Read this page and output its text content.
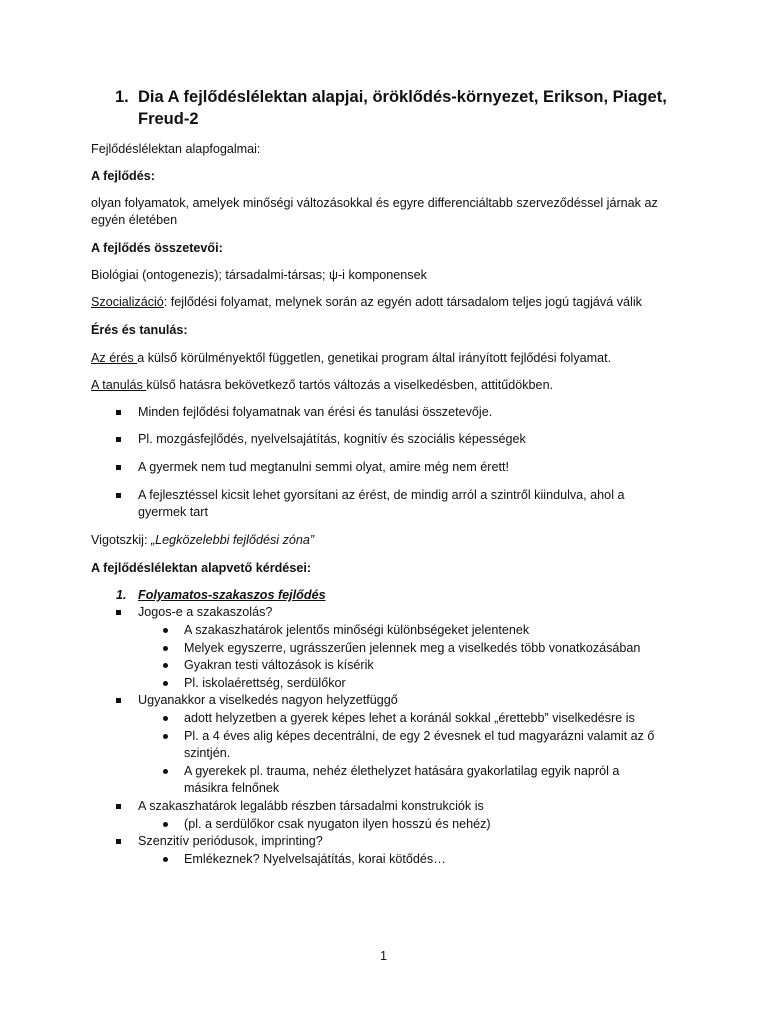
1. Dia A fejlődéslélektan alapjai, öröklődés-környezet, Erikson, Piaget, Freud-2
Fejlődéslélektan alapfogalmai:
A fejlődés:
olyan folyamatok, amelyek minőségi változásokkal és egyre differenciáltabb szerveződéssel járnak az egyén életében
A fejlődés összetevői:
Biológiai (ontogenezis); társadalmi-társas; ψ-i komponensek
Szocializáció: fejlődési folyamat, melynek során az egyén adott társadalom teljes jogú tagjává válik
Érés és tanulás:
Az érés a külső körülményektől független, genetikai program által irányított fejlődési folyamat.
A tanulás külső hatásra bekövetkező tartós változás a viselkedésben, attitűdökben.
Minden fejlődési folyamatnak van érési és tanulási összetevője.
Pl. mozgásfejlődés, nyelvelsajátítás, kognitív és szociális képességek
A gyermek nem tud megtanulni semmi olyat, amire még nem érett!
A fejlesztéssel kicsit lehet gyorsítani az érést, de mindig arról a szintről kiindulva, ahol a gyermek tart
Vigotszkij: „Legközelebbi fejlődési zóna”
A fejlődéslélektan alapvető kérdései:
1. Folyamatos-szakaszos fejlődés
Jogos-e a szakaszolás?
A szakaszhatárok jelentős minőségi különbségeket jelentenek
Melyek egyszerre, ugrásszerűen jelennek meg a viselkedés több vonatkozásában
Gyakran testi változások is kísérik
Pl. iskolaérettség, serdülőkor
Ugyanakkor a viselkedés nagyon helyzetfüggő
adott helyzetben a gyerek képes lehet a koránál sokkal „érettebb” viselkedésre is
Pl. a 4 éves alig képes decentrálni, de egy 2 évesnek el tud magyarázni valamit az ő szintjén.
A gyerekek pl. trauma, nehéz élethelyzet hatására gyakorlatilag egyik napról a másikra felnőnek
A szakaszhatárok legalább részben társadalmi konstrukciók is
(pl. a serdülőkor csak nyugaton ilyen hosszú és nehéz)
Szenzitív periódusok, imprinting?
Emlékeznek? Nyelvelsajátítás, korai kötődés…
1
